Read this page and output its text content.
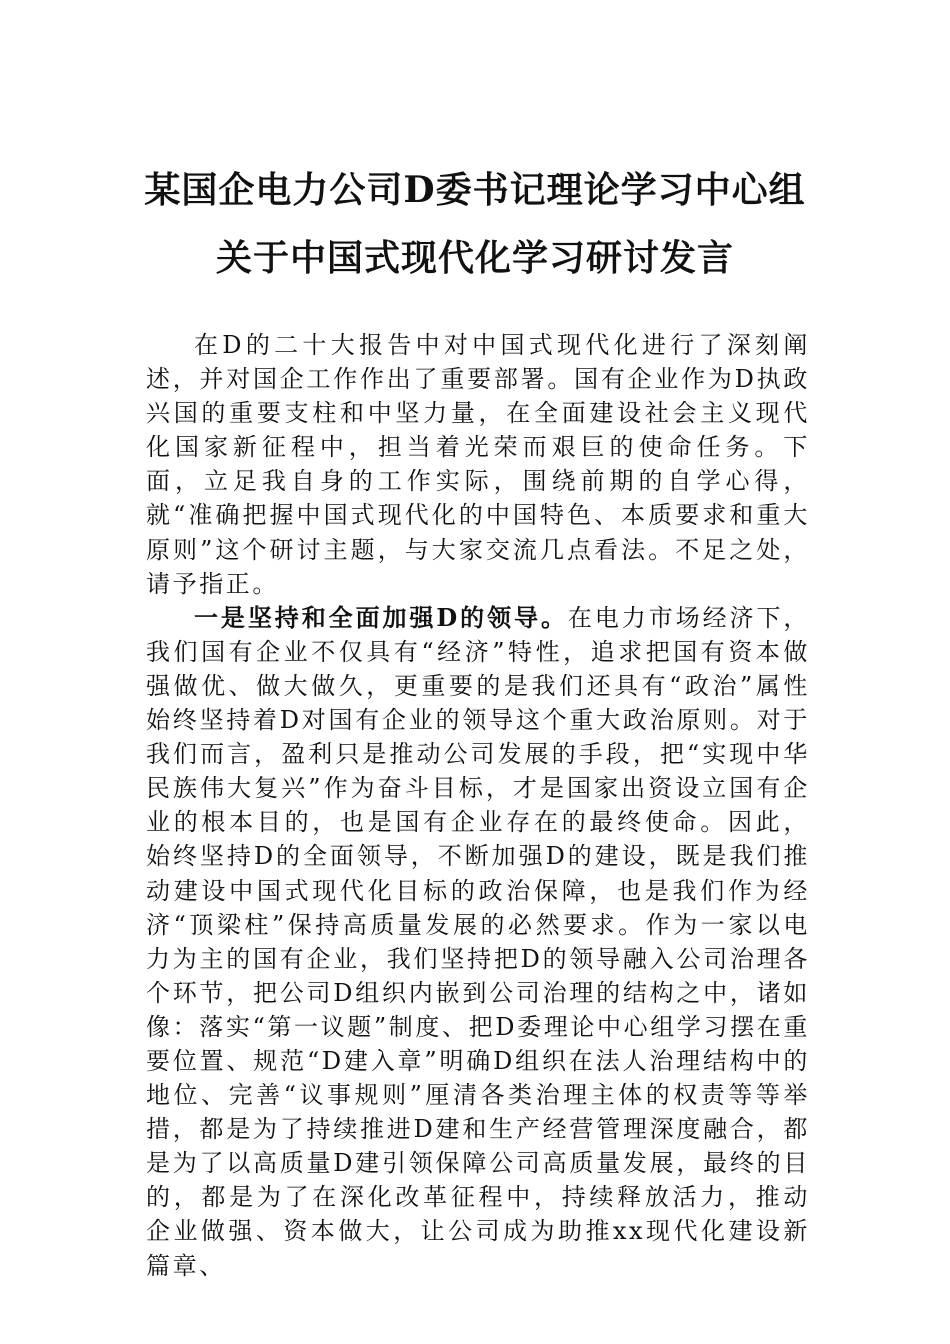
某国企电力公司D委书记理论学习中心组
关于中国式现代化学习研讨发言

在D的二十大报告中对中国式现代化进行了深刻阐述，并对国企工作作出了重要部署。国有企业作为D执政兴国的重要支柱和中坚力量，在全面建设社会主义现代化国家新征程中，担当着光荣而艰巨的使命任务。下面，立足我自身的工作实际，围绕前期的自学心得，就“准确把握中国式现代化的中国特色、本质要求和重大原则”这个研讨主题，与大家交流几点看法。不足之处，请予指正。

一是坚持和全面加强D的领导。在电力市场经济下，我们国有企业不仅具有“经济”特性，追求把国有资本做强做优、做大做久，更重要的是我们还具有“政治”属性始终坚持着D对国有企业的领导这个重大政治原则。对于我们而言，盈利只是推动公司发展的手段，把“实现中华民族伟大复兴”作为奋斗目标，才是国家出资设立国有企业的根本目的，也是国有企业存在的最终使命。因此，始终坚持D的全面领导，不断加强D的建设，既是我们推动建设中国式现代化目标的政治保障，也是我们作为经济“顶梁柱”保持高质量发展的必然要求。作为一家以电力为主的国有企业，我们坚持把D的领导融入公司治理各个环节，把公司D组织内嵌到公司治理的结构之中，诸如像：落实“第一议题”制度、把D委理论中心组学习摆在重要位置、规范“D建入章”明确D组织在法人治理结构中的地位、完善“议事规则”厘清各类治理主体的权责等等举措，都是为了持续推进D建和生产经营管理深度融合，都是为了以高质量D建引领保障公司高质量发展，最终的目的，都是为了在深化改革征程中，持续释放活力，推动企业做强、资本做大，让公司成为助推xx现代化建设新篇章、
